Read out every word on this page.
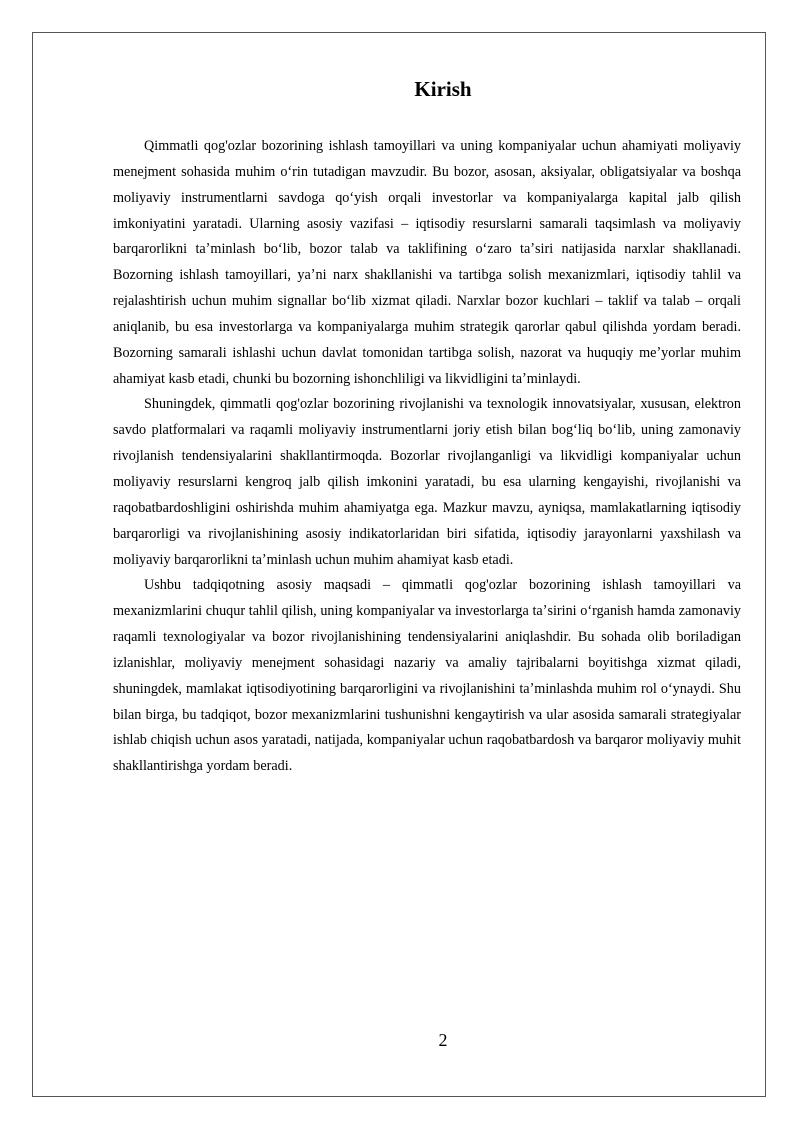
Kirish

Qimmatli qog'ozlar bozorining ishlash tamoyillari va uning kompaniyalar uchun ahamiyati moliyaviy menejment sohasida muhim oʻrin tutadigan mavzudir. Bu bozor, asosan, aksiyalar, obligatsiyalar va boshqa moliyaviy instrumentlarni savdoga qoʻyish orqali investorlar va kompaniyalarga kapital jalb qilish imkoniyatini yaratadi. Ularning asosiy vazifasi – iqtisodiy resurslarni samarali taqsimlash va moliyaviy barqarorlikni taʼminlash boʻlib, bozor talab va taklifining oʻzaro taʼsiri natijasida narxlar shakllanadi. Bozorning ishlash tamoyillari, yaʼni narx shakllanishi va tartibga solish mexanizmlari, iqtisodiy tahlil va rejalashtirish uchun muhim signallar boʻlib xizmat qiladi. Narxlar bozor kuchlari – taklif va talab – orqali aniqlanib, bu esa investorlarga va kompaniyalarga muhim strategik qarorlar qabul qilishda yordam beradi. Bozorning samarali ishlashi uchun davlat tomonidan tartibga solish, nazorat va huquqiy meʼyorlar muhim ahamiyat kasb etadi, chunki bu bozorning ishonchliligi va likvidligini taʼminlaydi.

Shuningdek, qimmatli qog'ozlar bozorining rivojlanishi va texnologik innovatsiyalar, xususan, elektron savdo platformalari va raqamli moliyaviy instrumentlarni joriy etish bilan bogʻliq boʻlib, uning zamonaviy rivojlanish tendensiyalarini shakllantirmoqda. Bozorlar rivojlanganligi va likvidligi kompaniyalar uchun moliyaviy resurslarni kengroq jalb qilish imkonini yaratadi, bu esa ularning kengayishi, rivojlanishi va raqobatbardoshligini oshirishda muhim ahamiyatga ega. Mazkur mavzu, ayniqsa, mamlakatlarning iqtisodiy barqarorligi va rivojlanishining asosiy indikatorlaridan biri sifatida, iqtisodiy jarayonlarni yaxshilash va moliyaviy barqarorlikni taʼminlash uchun muhim ahamiyat kasb etadi.

Ushbu tadqiqotning asosiy maqsadi – qimmatli qog'ozlar bozorining ishlash tamoyillari va mexanizmlarini chuqur tahlil qilish, uning kompaniyalar va investorlarga taʼsirini oʻrganish hamda zamonaviy raqamli texnologiyalar va bozor rivojlanishining tendensiyalarini aniqlashdir. Bu sohada olib boriladigan izlanishlar, moliyaviy menejment sohasidagi nazariy va amaliy tajribalarni boyitishga xizmat qiladi, shuningdek, mamlakat iqtisodiyotining barqarorligini va rivojlanishini taʼminlashda muhim rol oʻynaydi. Shu bilan birga, bu tadqiqot, bozor mexanizmlarini tushunishni kengaytirish va ular asosida samarali strategiyalar ishlab chiqish uchun asos yaratadi, natijada, kompaniyalar uchun raqobatbardosh va barqaror moliyaviy muhit shakllantirishga yordam beradi.

2
